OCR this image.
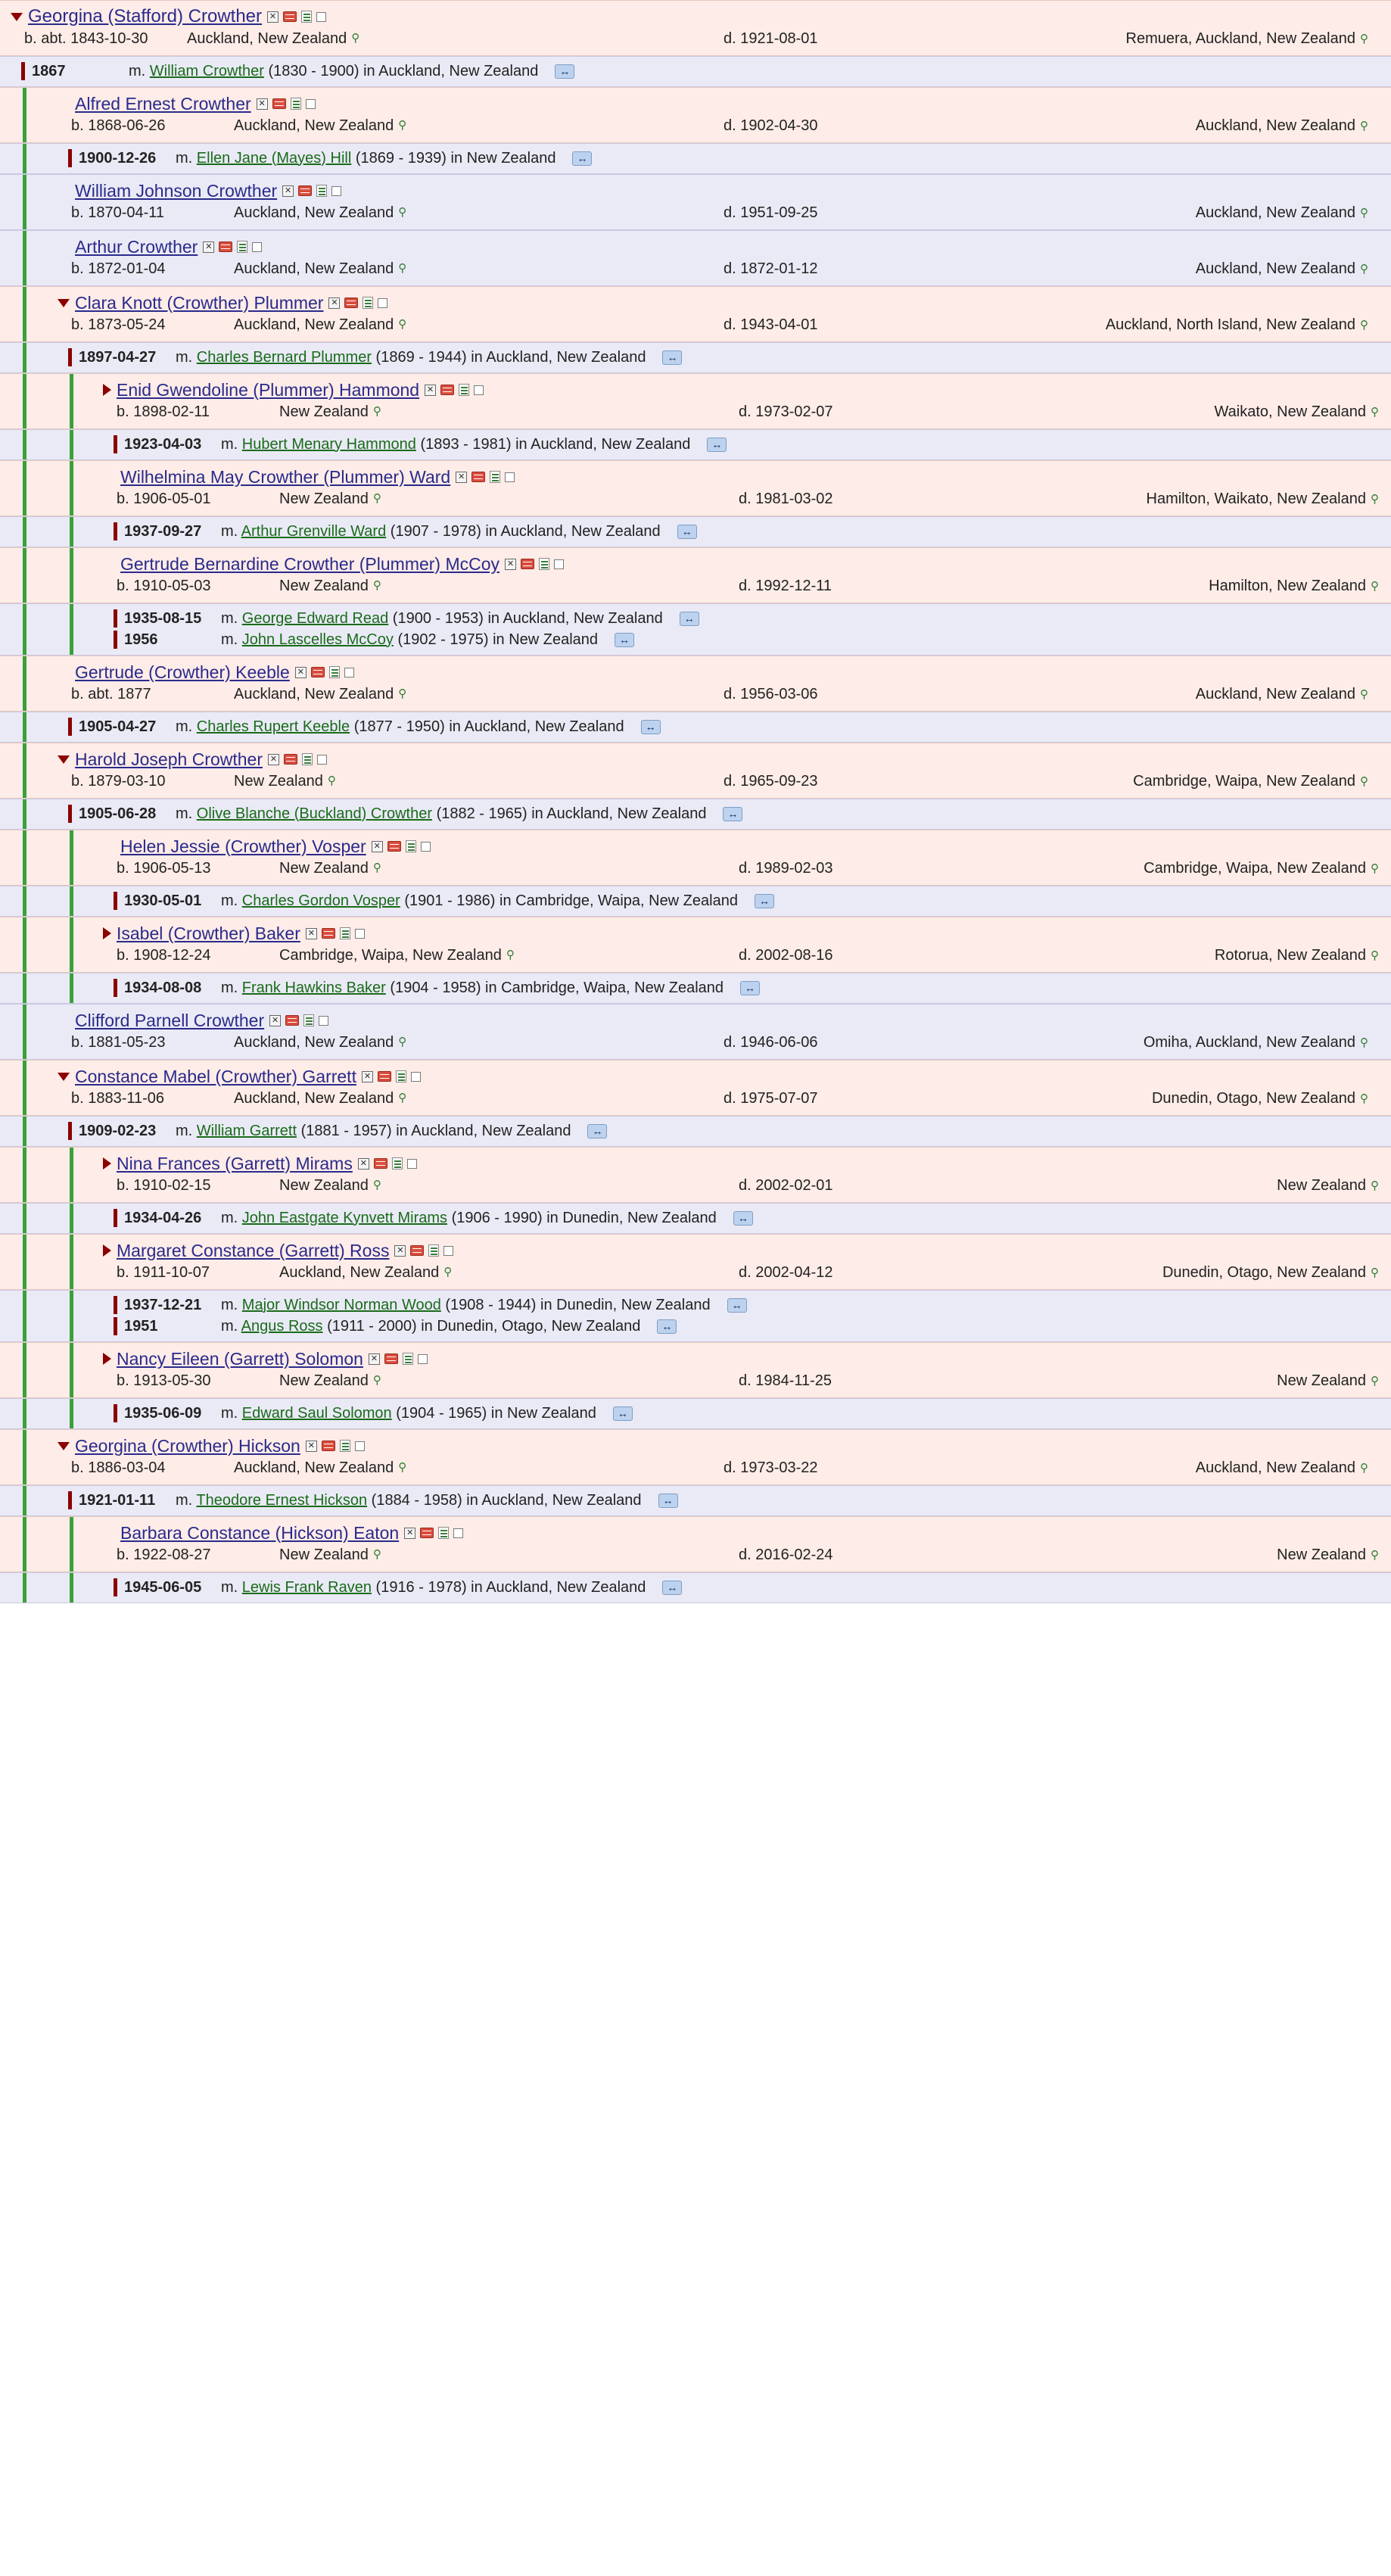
Georgina (Stafford) Crowther ✕
b. abt. 1843-10-30	Auckland, New Zealand ⚲	d. 1921-08-01	Remuera, Auckland, New Zealand ⚲
1867	m. William Crowther (1830 - 1900) in Auckland, New Zealand	↔
Alfred Ernest Crowther ✕
b. 1868-06-26	Auckland, New Zealand ⚲	d. 1902-04-30	Auckland, New Zealand ⚲
1900-12-26	m. Ellen Jane (Mayes) Hill (1869 - 1939) in New Zealand	↔
William Johnson Crowther ✕
b. 1870-04-11	Auckland, New Zealand ⚲	d. 1951-09-25	Auckland, New Zealand ⚲
Arthur Crowther ✕
b. 1872-01-04	Auckland, New Zealand ⚲	d. 1872-01-12	Auckland, New Zealand ⚲
Clara Knott (Crowther) Plummer ✕
b. 1873-05-24	Auckland, New Zealand ⚲	d. 1943-04-01	Auckland, North Island, New Zealand ⚲
1897-04-27	m. Charles Bernard Plummer (1869 - 1944) in Auckland, New Zealand	↔
Enid Gwendoline (Plummer) Hammond ✕
b. 1898-02-11	New Zealand ⚲	d. 1973-02-07	Waikato, New Zealand ⚲
1923-04-03	m. Hubert Menary Hammond (1893 - 1981) in Auckland, New Zealand	↔
Wilhelmina May Crowther (Plummer) Ward ✕
b. 1906-05-01	New Zealand ⚲	d. 1981-03-02	Hamilton, Waikato, New Zealand ⚲
1937-09-27	m. Arthur Grenville Ward (1907 - 1978) in Auckland, New Zealand	↔
Gertrude Bernardine Crowther (Plummer) McCoy ✕
b. 1910-05-03	New Zealand ⚲	d. 1992-12-11	Hamilton, New Zealand ⚲
1935-08-15	m. George Edward Read (1900 - 1953) in Auckland, New Zealand	↔
1956	m. John Lascelles McCoy (1902 - 1975) in New Zealand	↔
Gertrude (Crowther) Keeble ✕
b. abt. 1877	Auckland, New Zealand ⚲	d. 1956-03-06	Auckland, New Zealand ⚲
1905-04-27	m. Charles Rupert Keeble (1877 - 1950) in Auckland, New Zealand	↔
Harold Joseph Crowther ✕
b. 1879-03-10	New Zealand ⚲	d. 1965-09-23	Cambridge, Waipa, New Zealand ⚲
1905-06-28	m. Olive Blanche (Buckland) Crowther (1882 - 1965) in Auckland, New Zealand	↔
Helen Jessie (Crowther) Vosper ✕
b. 1906-05-13	New Zealand ⚲	d. 1989-02-03	Cambridge, Waipa, New Zealand ⚲
1930-05-01	m. Charles Gordon Vosper (1901 - 1986) in Cambridge, Waipa, New Zealand	↔
Isabel (Crowther) Baker ✕
b. 1908-12-24	Cambridge, Waipa, New Zealand ⚲	d. 2002-08-16	Rotorua, New Zealand ⚲
1934-08-08	m. Frank Hawkins Baker (1904 - 1958) in Cambridge, Waipa, New Zealand	↔
Clifford Parnell Crowther ✕
b. 1881-05-23	Auckland, New Zealand ⚲	d. 1946-06-06	Omiha, Auckland, New Zealand ⚲
Constance Mabel (Crowther) Garrett ✕
b. 1883-11-06	Auckland, New Zealand ⚲	d. 1975-07-07	Dunedin, Otago, New Zealand ⚲
1909-02-23	m. William Garrett (1881 - 1957) in Auckland, New Zealand	↔
Nina Frances (Garrett) Mirams ✕
b. 1910-02-15	New Zealand ⚲	d. 2002-02-01	New Zealand ⚲
1934-04-26	m. John Eastgate Kynvett Mirams (1906 - 1990) in Dunedin, New Zealand	↔
Margaret Constance (Garrett) Ross ✕
b. 1911-10-07	Auckland, New Zealand ⚲	d. 2002-04-12	Dunedin, Otago, New Zealand ⚲
1937-12-21	m. Major Windsor Norman Wood (1908 - 1944) in Dunedin, New Zealand	↔
1951	m. Angus Ross (1911 - 2000) in Dunedin, Otago, New Zealand	↔
Nancy Eileen (Garrett) Solomon ✕
b. 1913-05-30	New Zealand ⚲	d. 1984-11-25	New Zealand ⚲
1935-06-09	m. Edward Saul Solomon (1904 - 1965) in New Zealand	↔
Georgina (Crowther) Hickson ✕
b. 1886-03-04	Auckland, New Zealand ⚲	d. 1973-03-22	Auckland, New Zealand ⚲
1921-01-11	m. Theodore Ernest Hickson (1884 - 1958) in Auckland, New Zealand	↔
Barbara Constance (Hickson) Eaton ✕
b. 1922-08-27	New Zealand ⚲	d. 2016-02-24	New Zealand ⚲
1945-06-05	m. Lewis Frank Raven (1916 - 1978) in Auckland, New Zealand	↔
